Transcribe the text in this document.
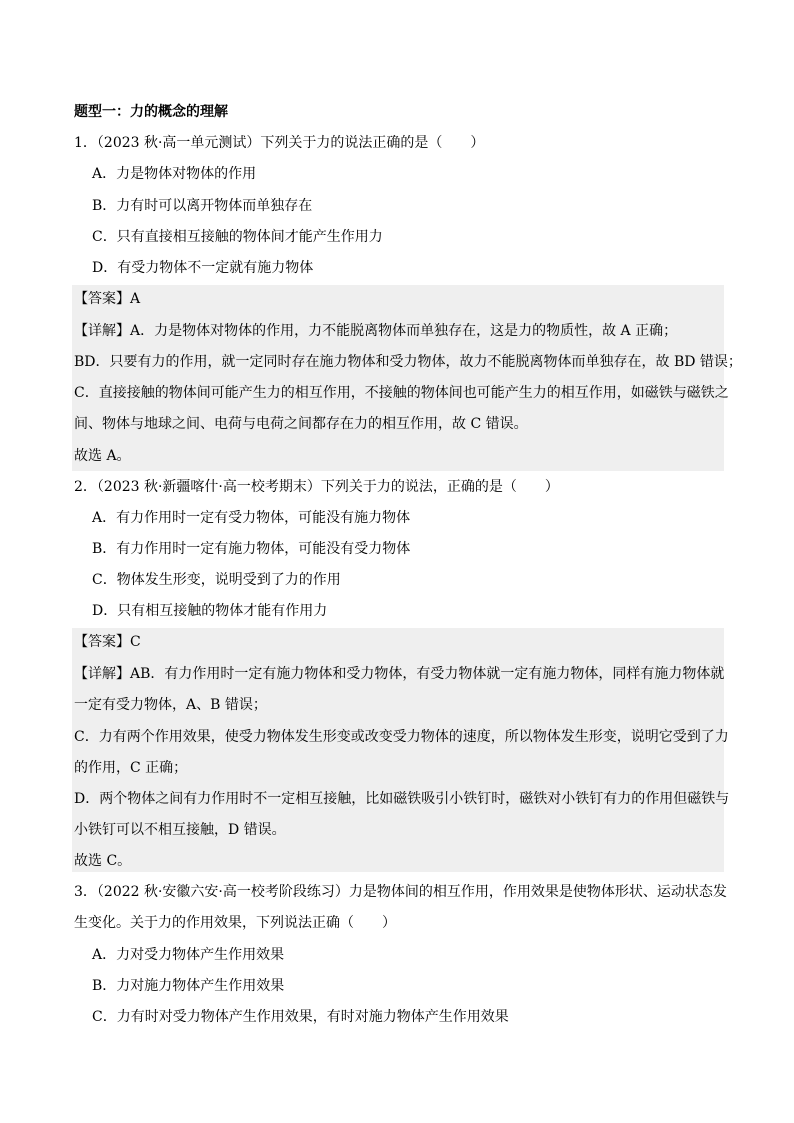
题型一：力的概念的理解
1．（2023 秋·高一单元测试）下列关于力的说法正确的是（　　）
A．力是物体对物体的作用
B．力有时可以离开物体而单独存在
C．只有直接相互接触的物体间才能产生作用力
D．有受力物体不一定就有施力物体
【答案】A
【详解】A．力是物体对物体的作用，力不能脱离物体而单独存在，这是力的物质性，故 A 正确；
BD．只要有力的作用，就一定同时存在施力物体和受力物体，故力不能脱离物体而单独存在，故 BD 错误；
C．直接接触的物体间可能产生力的相互作用，不接触的物体间也可能产生力的相互作用，如磁铁与磁铁之
间、物体与地球之间、电荷与电荷之间都存在力的相互作用，故 C 错误。
故选 A。
2．（2023 秋·新疆喀什·高一校考期末）下列关于力的说法，正确的是（　　）
A．有力作用时一定有受力物体，可能没有施力物体
B．有力作用时一定有施力物体，可能没有受力物体
C．物体发生形变，说明受到了力的作用
D．只有相互接触的物体才能有作用力
【答案】C
【详解】AB．有力作用时一定有施力物体和受力物体，有受力物体就一定有施力物体，同样有施力物体就
一定有受力物体，A、B 错误；
C．力有两个作用效果，使受力物体发生形变或改变受力物体的速度，所以物体发生形变，说明它受到了力
的作用，C 正确；
D．两个物体之间有力作用时不一定相互接触，比如磁铁吸引小铁钉时，磁铁对小铁钉有力的作用但磁铁与
小铁钉可以不相互接触，D 错误。
故选 C。
3．（2022 秋·安徽六安·高一校考阶段练习）力是物体间的相互作用，作用效果是使物体形状、运动状态发
生变化。关于力的作用效果，下列说法正确（　　）
A．力对受力物体产生作用效果
B．力对施力物体产生作用效果
C．力有时对受力物体产生作用效果，有时对施力物体产生作用效果
